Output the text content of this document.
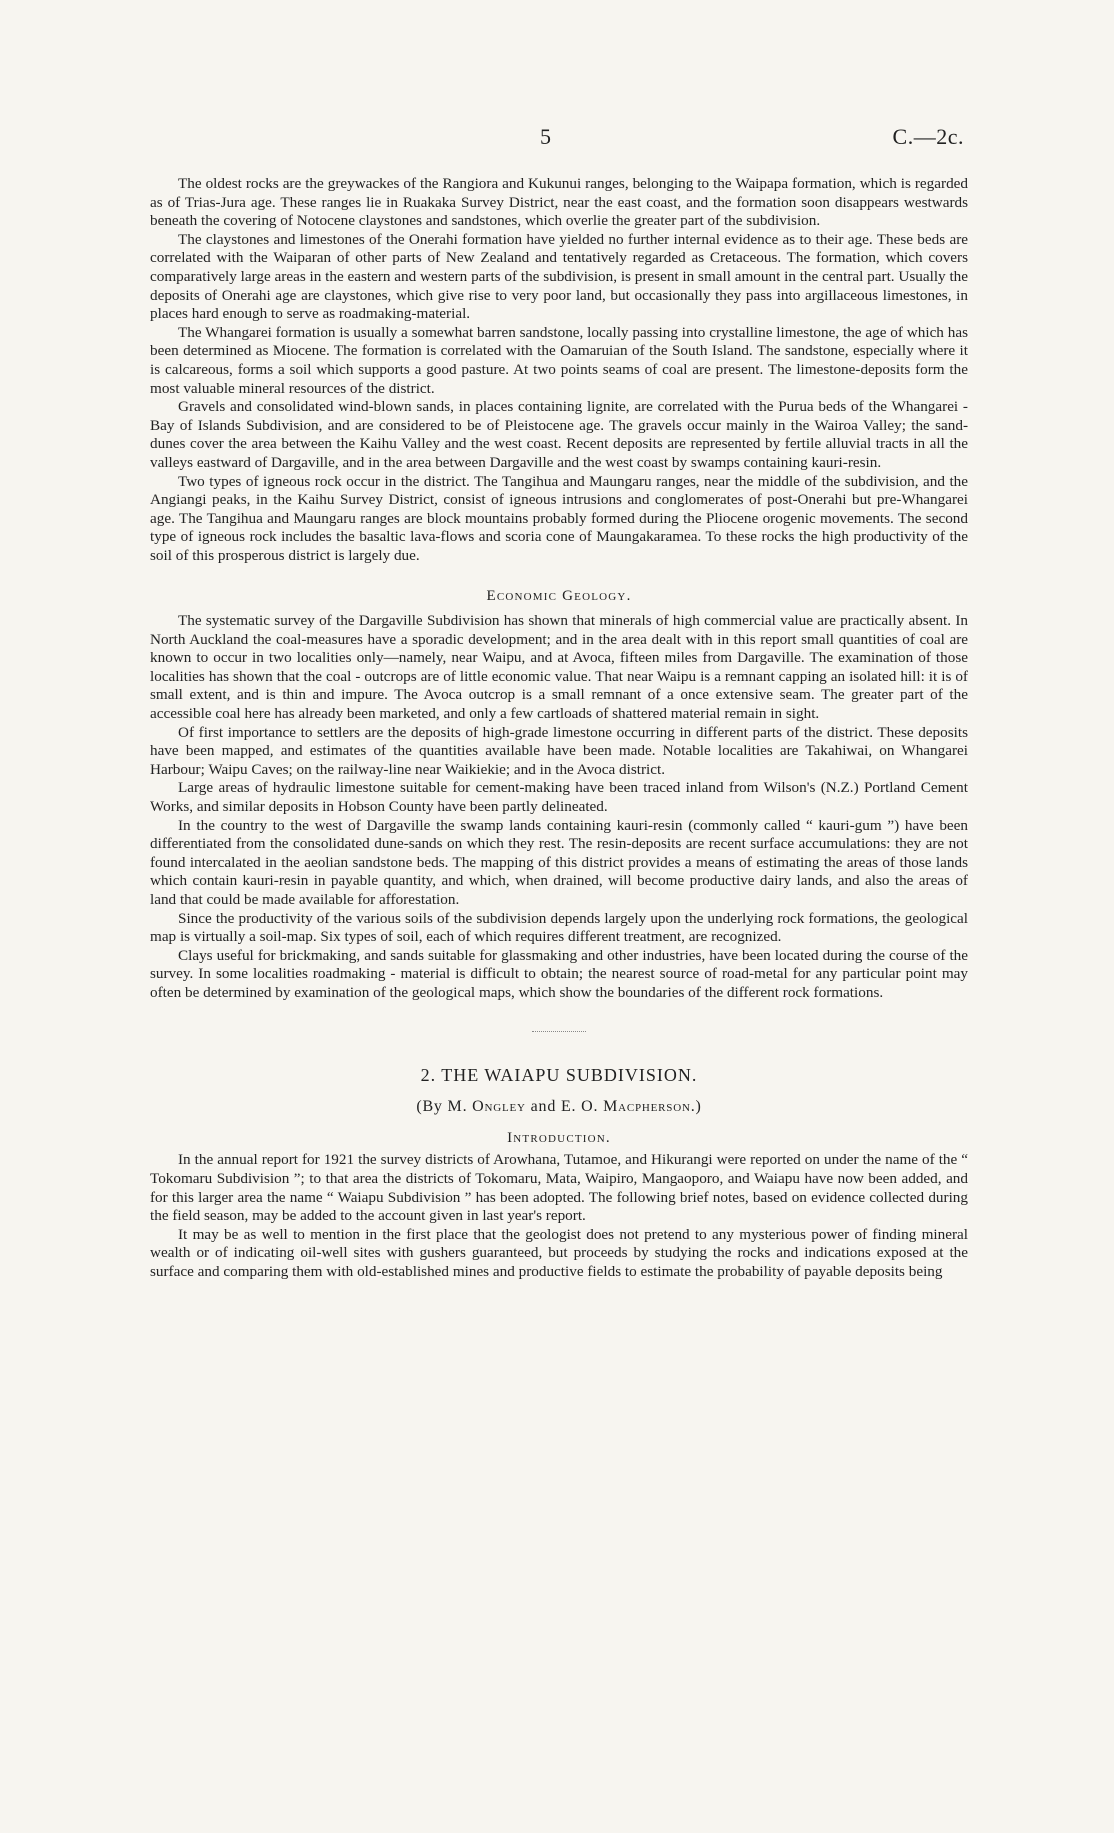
5	C.—2c.

The oldest rocks are the greywackes of the Rangiora and Kukunui ranges, belonging to the Waipapa formation, which is regarded as of Trias-Jura age. These ranges lie in Ruakaka Survey District, near the east coast, and the formation soon disappears westwards beneath the covering of Notocene claystones and sandstones, which overlie the greater part of the subdivision.

The claystones and limestones of the Onerahi formation have yielded no further internal evidence as to their age. These beds are correlated with the Waiparan of other parts of New Zealand and tentatively regarded as Cretaceous. The formation, which covers comparatively large areas in the eastern and western parts of the subdivision, is present in small amount in the central part. Usually the deposits of Onerahi age are claystones, which give rise to very poor land, but occasionally they pass into argillaceous limestones, in places hard enough to serve as roadmaking-material.

The Whangarei formation is usually a somewhat barren sandstone, locally passing into crystalline limestone, the age of which has been determined as Miocene. The formation is correlated with the Oamaruian of the South Island. The sandstone, especially where it is calcareous, forms a soil which supports a good pasture. At two points seams of coal are present. The limestone-deposits form the most valuable mineral resources of the district.

Gravels and consolidated wind-blown sands, in places containing lignite, are correlated with the Purua beds of the Whangarei - Bay of Islands Subdivision, and are considered to be of Pleistocene age. The gravels occur mainly in the Wairoa Valley; the sand-dunes cover the area between the Kaihu Valley and the west coast. Recent deposits are represented by fertile alluvial tracts in all the valleys eastward of Dargaville, and in the area between Dargaville and the west coast by swamps containing kauri-resin.

Two types of igneous rock occur in the district. The Tangihua and Maungaru ranges, near the middle of the subdivision, and the Angiangi peaks, in the Kaihu Survey District, consist of igneous intrusions and conglomerates of post-Onerahi but pre-Whangarei age. The Tangihua and Maungaru ranges are block mountains probably formed during the Pliocene orogenic movements. The second type of igneous rock includes the basaltic lava-flows and scoria cone of Maungakaramea. To these rocks the high productivity of the soil of this prosperous district is largely due.

Economic Geology.

The systematic survey of the Dargaville Subdivision has shown that minerals of high commercial value are practically absent. In North Auckland the coal-measures have a sporadic development; and in the area dealt with in this report small quantities of coal are known to occur in two localities only—namely, near Waipu, and at Avoca, fifteen miles from Dargaville. The examination of those localities has shown that the coal - outcrops are of little economic value. That near Waipu is a remnant capping an isolated hill: it is of small extent, and is thin and impure. The Avoca outcrop is a small remnant of a once extensive seam. The greater part of the accessible coal here has already been marketed, and only a few cartloads of shattered material remain in sight.

Of first importance to settlers are the deposits of high-grade limestone occurring in different parts of the district. These deposits have been mapped, and estimates of the quantities available have been made. Notable localities are Takahiwai, on Whangarei Harbour; Waipu Caves; on the railway-line near Waikiekie; and in the Avoca district.

Large areas of hydraulic limestone suitable for cement-making have been traced inland from Wilson's (N.Z.) Portland Cement Works, and similar deposits in Hobson County have been partly delineated.

In the country to the west of Dargaville the swamp lands containing kauri-resin (commonly called “ kauri-gum ”) have been differentiated from the consolidated dune-sands on which they rest. The resin-deposits are recent surface accumulations: they are not found intercalated in the aeolian sandstone beds. The mapping of this district provides a means of estimating the areas of those lands which contain kauri-resin in payable quantity, and which, when drained, will become productive dairy lands, and also the areas of land that could be made available for afforestation.

Since the productivity of the various soils of the subdivision depends largely upon the underlying rock formations, the geological map is virtually a soil-map. Six types of soil, each of which requires different treatment, are recognized.

Clays useful for brickmaking, and sands suitable for glassmaking and other industries, have been located during the course of the survey. In some localities roadmaking - material is difficult to obtain; the nearest source of road-metal for any particular point may often be determined by examination of the geological maps, which show the boundaries of the different rock formations.

2. THE WAIAPU SUBDIVISION.
(By M. Ongley and E. O. Macpherson.)
Introduction.

In the annual report for 1921 the survey districts of Arowhana, Tutamoe, and Hikurangi were reported on under the name of the “ Tokomaru Subdivision ”; to that area the districts of Tokomaru, Mata, Waipiro, Mangaoporo, and Waiapu have now been added, and for this larger area the name “ Waiapu Subdivision ” has been adopted. The following brief notes, based on evidence collected during the field season, may be added to the account given in last year's report.

It may be as well to mention in the first place that the geologist does not pretend to any mysterious power of finding mineral wealth or of indicating oil-well sites with gushers guaranteed, but proceeds by studying the rocks and indications exposed at the surface and comparing them with old-established mines and productive fields to estimate the probability of payable deposits being
